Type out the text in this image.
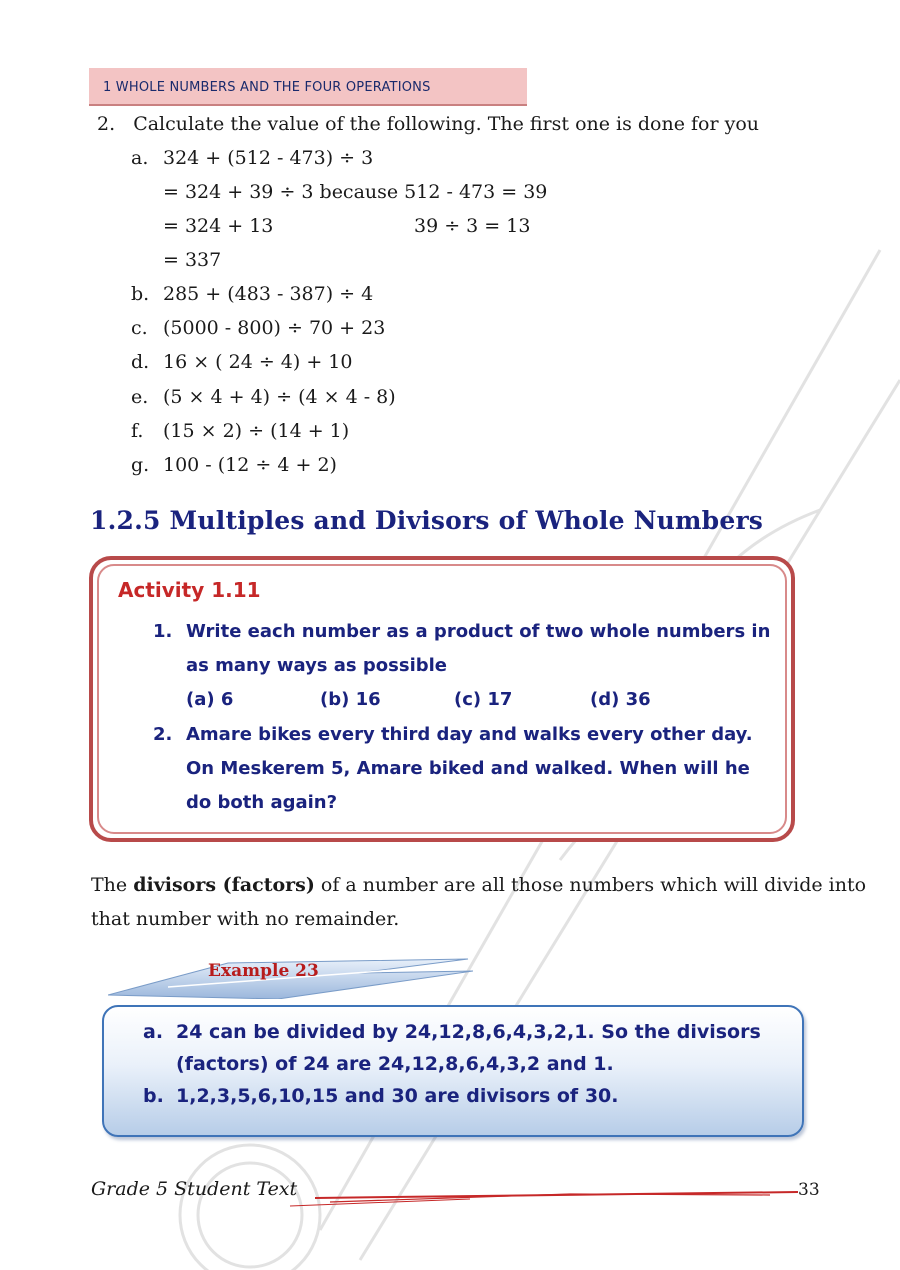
1 WHOLE NUMBERS AND THE FOUR OPERATIONS
2. Calculate the value of the following. The first one is done for you
a. 324 + (512 - 473) ÷ 3
= 324 + 39 ÷ 3 because 512 - 473 = 39
= 324 + 13	39 ÷ 3 = 13
= 337
b. 285 + (483 - 387) ÷ 4
c. (5000 - 800) ÷ 70 + 23
d. 16 × ( 24 ÷ 4) + 10
e. (5 × 4 + 4) ÷ (4 × 4 - 8)
f. (15 × 2) ÷ (14 + 1)
g. 100 - (12 ÷ 4 + 2)
1.2.5 Multiples and Divisors of Whole Numbers
Activity 1.11
1. Write each number as a product of two whole numbers in
as many ways as possible
(a) 6	(b) 16	(c) 17	(d) 36
2. Amare bikes every third day and walks every other day.
On Meskerem 5, Amare biked and walked. When will he
do both again?
The divisors (factors) of a number are all those numbers which will divide into
that number with no remainder.
Example 23
a. 24 can be divided by 24,12,8,6,4,3,2,1. So the divisors
(factors) of 24 are 24,12,8,6,4,3,2 and 1.
b. 1,2,3,5,6,10,15 and 30 are divisors of 30.
Grade 5 Student Text	33
